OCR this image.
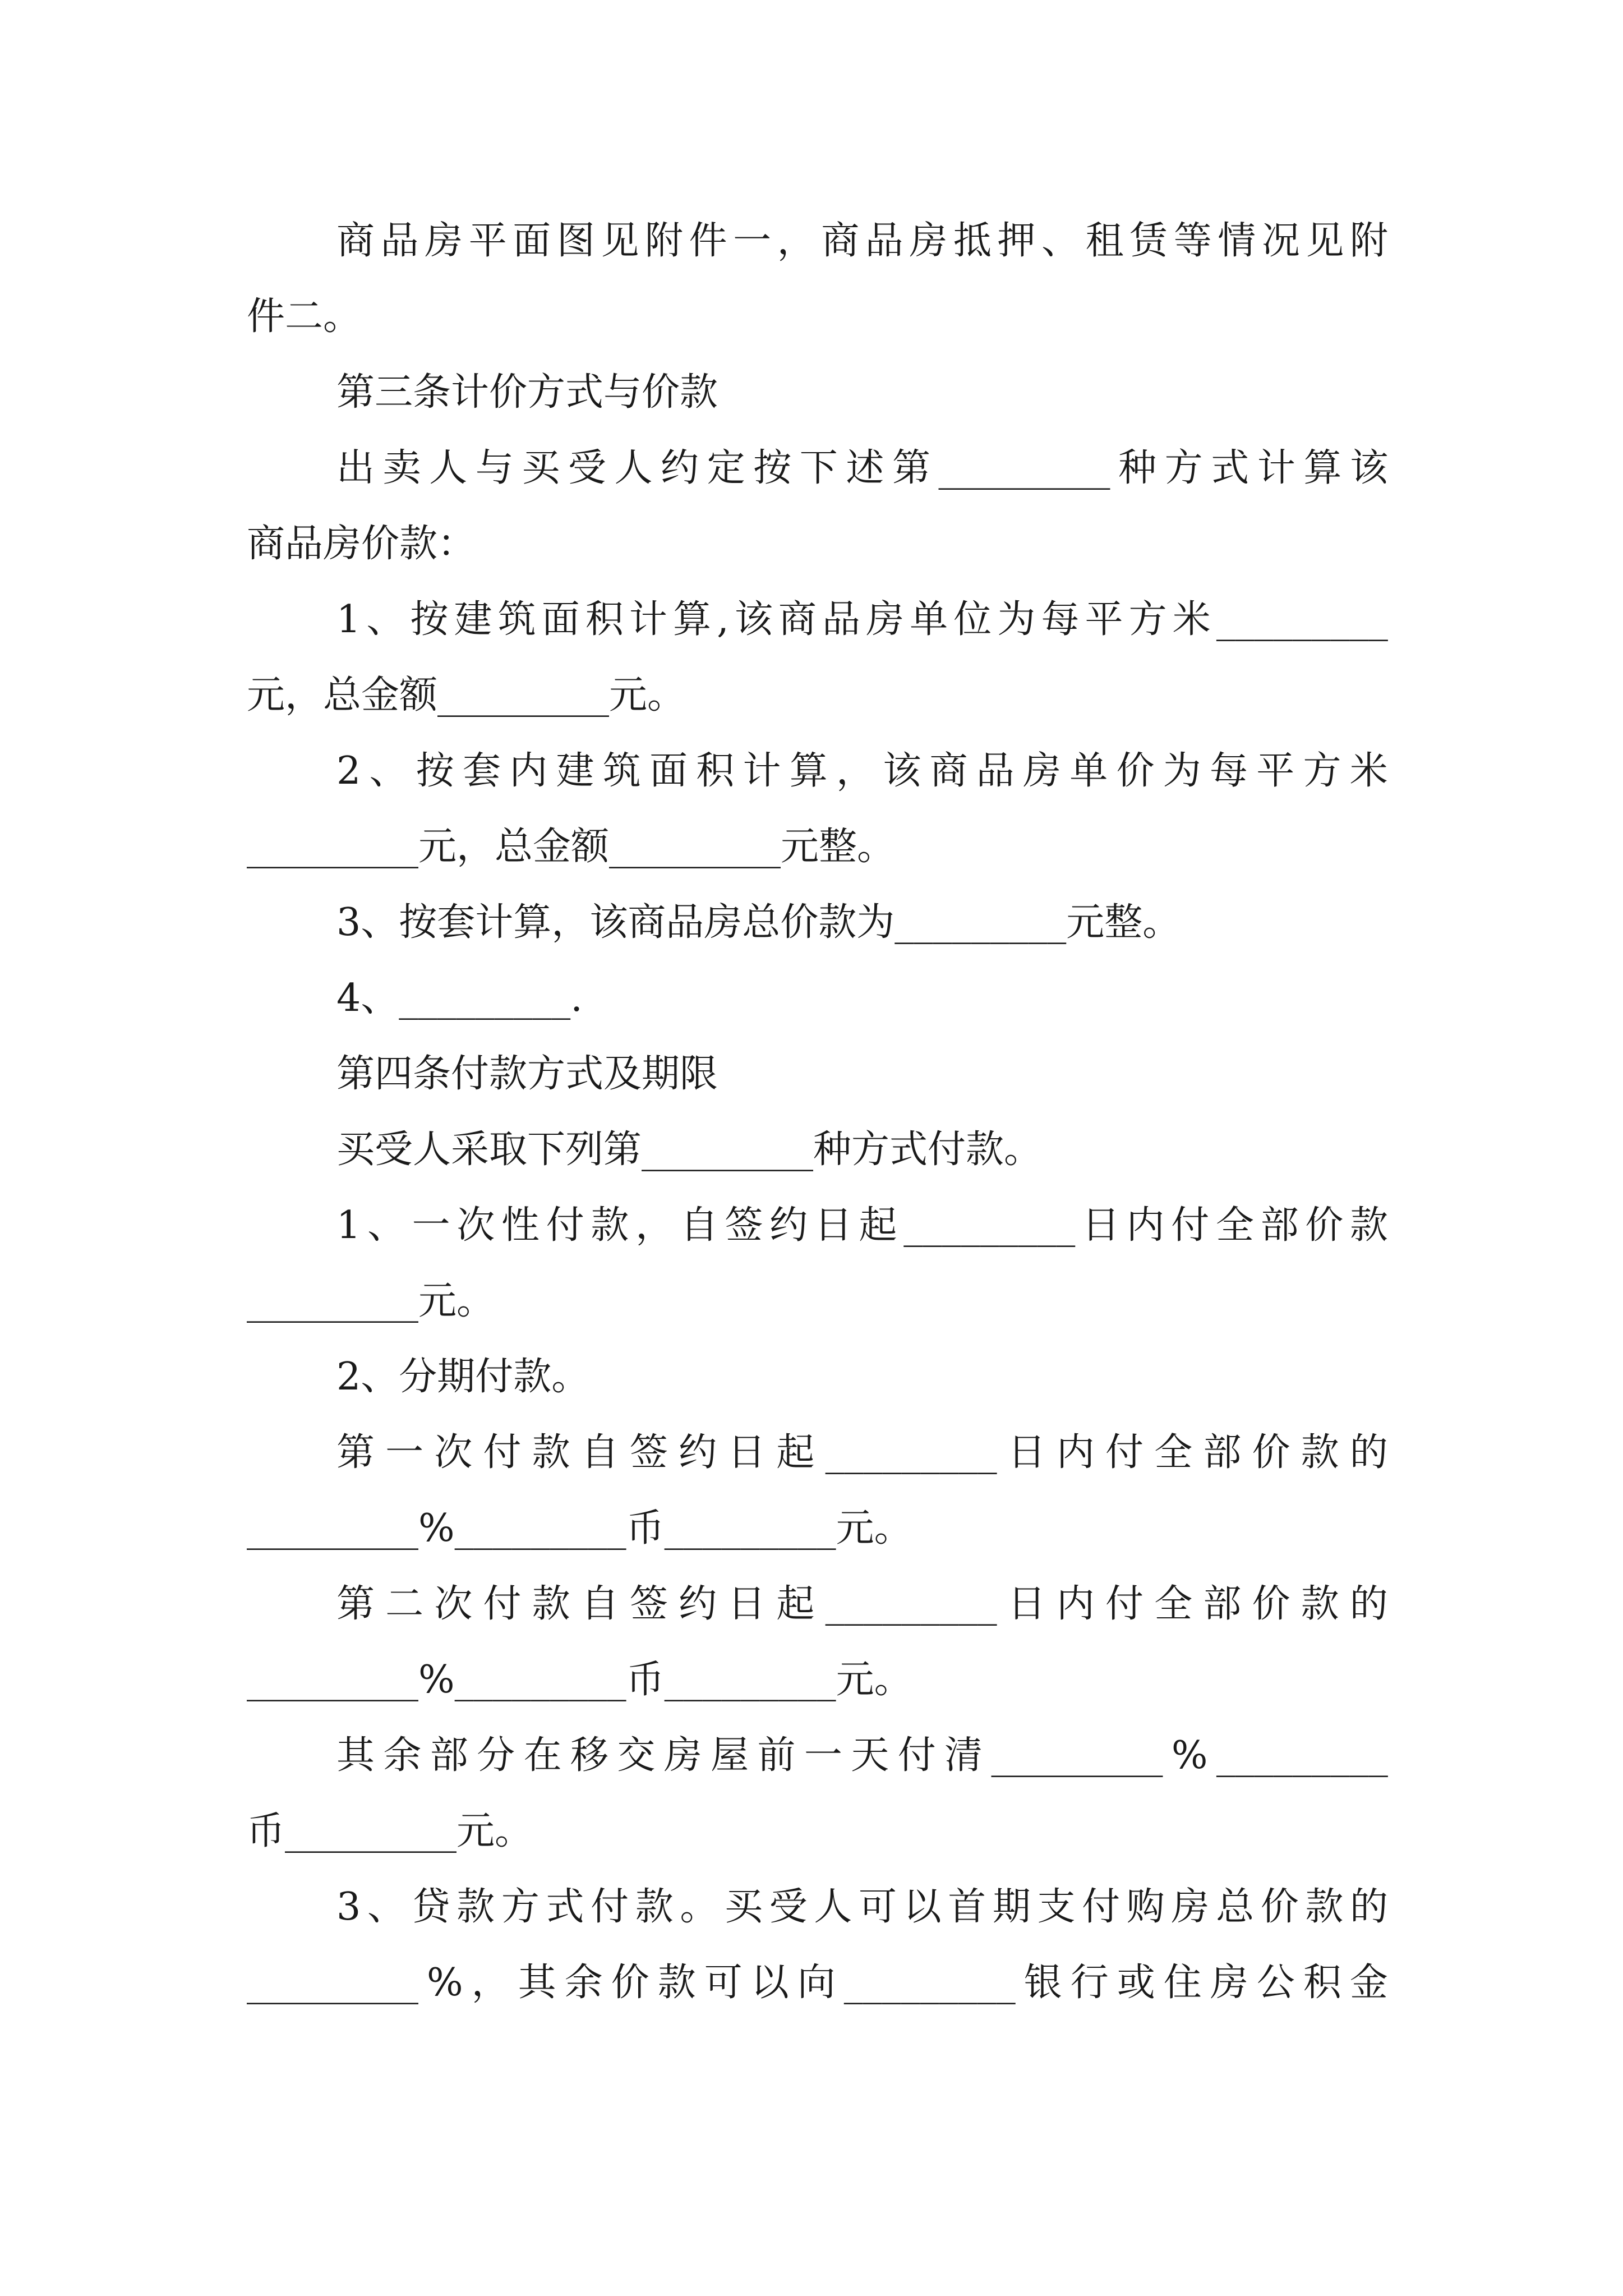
商 品 房 平 面 图 见 附 件 一 ， 商 品 房 抵 押 、 租 赁 等 情 况 见 附
件二。
第三条计价方式与价款
出 卖 人 与 买 受 人 约 定 按 下 述 第 _________ 种 方 式 计 算 该
商品房价款：
1 、 按 建 筑 面 积 计 算 , 该 商 品 房 单 位 为 每 平 方 米 _________
元，总金额_________元。
2 、 按 套 内 建 筑 面 积 计 算 ， 该 商 品 房 单 价 为 每 平 方 米
_________元，总金额_________元整。
3、按套计算，该商品房总价款为_________元整。
4、_________.
第四条付款方式及期限
买受人采取下列第_________种方式付款。
1 、 一 次 性 付 款 ， 自 签 约 日 起 _________ 日 内 付 全 部 价 款
_________元。
2、分期付款。
第 一 次 付 款 自 签 约 日 起 _________ 日 内 付 全 部 价 款 的
_________%_________币_________元。
第 二 次 付 款 自 签 约 日 起 _________ 日 内 付 全 部 价 款 的
_________%_________币_________元。
其 余 部 分 在 移 交 房 屋 前 一 天 付 清 _________ % _________
币_________元。
3 、 贷 款 方 式 付 款 。 买 受 人 可 以 首 期 支 付 购 房 总 价 款 的
_________ % ， 其 余 价 款 可 以 向 _________ 银 行 或 住 房 公 积 金
